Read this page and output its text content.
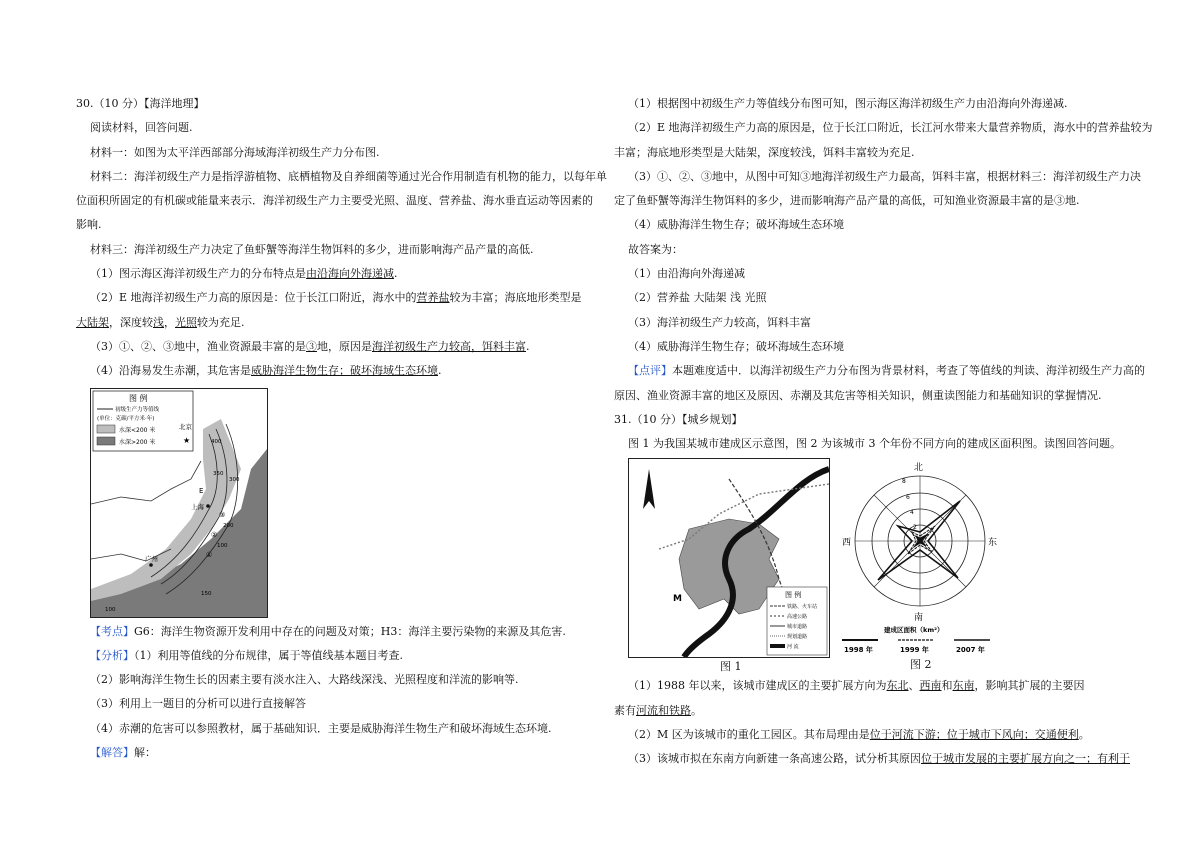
30.（10 分）【海洋地理】
阅读材料，回答问题.
材料一：如图为太平洋西部部分海域海洋初级生产力分布图.
材料二：海洋初级生产力是指浮游植物、底栖植物及自养细菌等通过光合作用制造有机物的能力，以每年单
位面积所固定的有机碳或能量来表示．海洋初级生产力主要受光照、温度、营养盐、海水垂直运动等因素的
影响.
材料三：海洋初级生产力决定了鱼虾蟹等海洋生物饵料的多少，进而影响海产品产量的高低.
（1）图示海区海洋初级生产力的分布特点是由沿海向外海递减.
（2）E 地海洋初级生产力高的原因是：位于长江口附近，海水中的营养盐较为丰富；海底地形类型是
大陆架，深度较浅，光照较为充足.
（3）①、②、③地中，渔业资源最丰富的是③地，原因是海洋初级生产力较高，饵料丰富.
（4）沿海易发生赤潮，其危害是威胁海洋生物生存；破坏海域生态环境.
图 例
初级生产力等值线
(单位：克碳/平方米·年)
水深<200 米
水深>200 米
北京
★
上海
广州
E
400
350
300
200
100
100
150
③
②
①
【考点】G6：海洋生物资源开发利用中存在的问题及对策；H3：海洋主要污染物的来源及其危害.
【分析】（1）利用等值线的分布规律，属于等值线基本题目考查.
（2）影响海洋生物生长的因素主要有淡水注入、大路线深浅、光照程度和洋流的影响等.
（3）利用上一题目的分析可以进行直接解答
（4）赤潮的危害可以参照教材，属于基础知识．主要是威胁海洋生物生产和破坏海域生态环境.
【解答】解：
（1）根据图中初级生产力等值线分布图可知，图示海区海洋初级生产力由沿海向外海递减.
（2）E 地海洋初级生产力高的原因是，位于长江口附近，长江河水带来大量营养物质，海水中的营养盐较为
丰富；海底地形类型是大陆架，深度较浅，饵料丰富较为充足.
（3）①、②、③地中，从图中可知③地海洋初级生产力最高，饵料丰富，根据材料三：海洋初级生产力决
定了鱼虾蟹等海洋生物饵料的多少，进而影响海产品产量的高低，可知渔业资源最丰富的是③地.
（4）威胁海洋生物生存；破坏海域生态环境
故答案为：
（1）由沿海向外海递减
（2）营养盐 大陆架 浅 光照
（3）海洋初级生产力较高，饵料丰富
（4）威胁海洋生物生存；破坏海域生态环境
【点评】本题难度适中．以海洋初级生产力分布图为背景材料，考查了等值线的判读、海洋初级生产力高的
原因、渔业资源丰富的地区及原因、赤潮及其危害等相关知识，侧重读图能力和基础知识的掌握情况.
31.（10 分）【城乡规划】
图 1 为我国某城市建成区示意图，图 2 为该城市 3 个年份不同方向的建成区面积图。读图回答问题。
M	图 例
铁路、火车站
高速公路
城市道路
规划道路
河 流
图 1
北
南
东
西
8
6
4
2
建成区面积（km²）
1998 年	1999 年	2007 年
图 2
（1）1988 年以来，该城市建成区的主要扩展方向为东北、西南和东南，影响其扩展的主要因
素有河流和铁路。
（2）M 区为该城市的重化工园区。其布局理由是位于河流下游；位于城市下风向；交通便利。
（3）该城市拟在东南方向新建一条高速公路，试分析其原因位于城市发展的主要扩展方向之一；有利于
